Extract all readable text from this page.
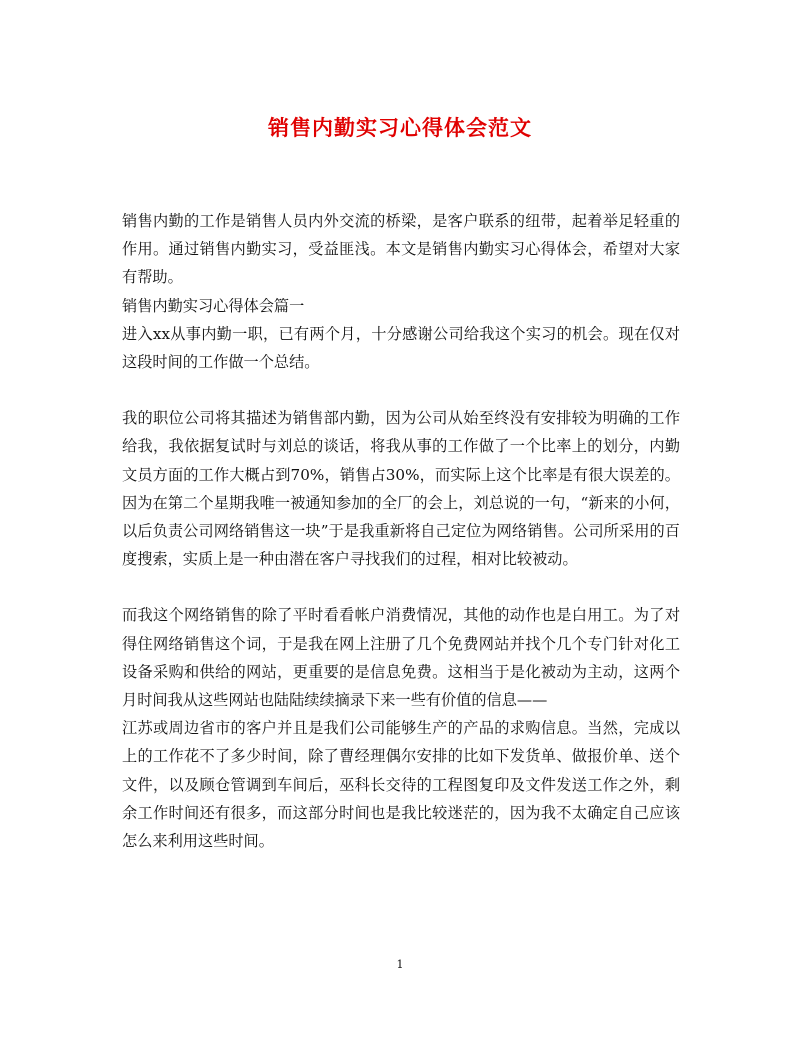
销售内勤实习心得体会范文

销售内勤的工作是销售人员内外交流的桥梁，是客户联系的纽带，起着举足轻重的作用。通过销售内勤实习，受益匪浅。本文是销售内勤实习心得体会，希望对大家有帮助。

销售内勤实习心得体会篇一

进入xx从事内勤一职，已有两个月，十分感谢公司给我这个实习的机会。现在仅对这段时间的工作做一个总结。

我的职位公司将其描述为销售部内勤，因为公司从始至终没有安排较为明确的工作给我，我依据复试时与刘总的谈话，将我从事的工作做了一个比率上的划分，内勤文员方面的工作大概占到70%，销售占30%，而实际上这个比率是有很大误差的。因为在第二个星期我唯一被通知参加的全厂的会上，刘总说的一句，“新来的小何，以后负责公司网络销售这一块”于是我重新将自己定位为网络销售。公司所采用的百度搜索，实质上是一种由潜在客户寻找我们的过程，相对比较被动。

而我这个网络销售的除了平时看看帐户消费情况，其他的动作也是白用工。为了对得住网络销售这个词，于是我在网上注册了几个免费网站并找个几个专门针对化工设备采购和供给的网站，更重要的是信息免费。这相当于是化被动为主动，这两个月时间我从这些网站也陆陆续续摘录下来一些有价值的信息——

江苏或周边省市的客户并且是我们公司能够生产的产品的求购信息。当然，完成以上的工作花不了多少时间，除了曹经理偶尔安排的比如下发货单、做报价单、送个文件，以及顾仓管调到车间后，巫科长交待的工程图复印及文件发送工作之外，剩余工作时间还有很多，而这部分时间也是我比较迷茫的，因为我不太确定自己应该怎么来利用这些时间。

1
